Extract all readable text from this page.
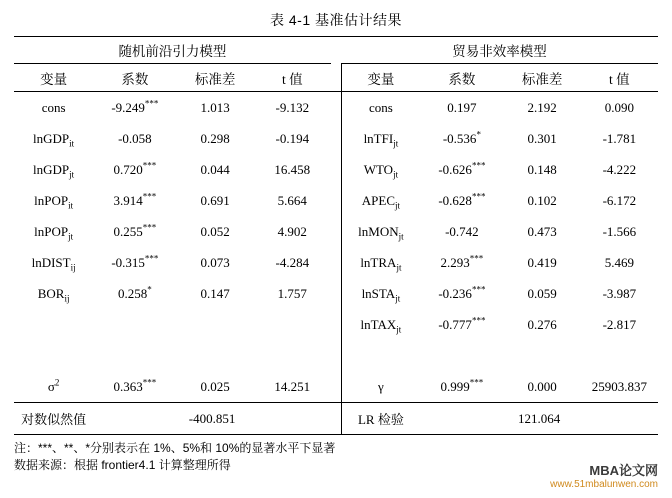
表 4-1 基准估计结果
随机前沿引力模型					贸易非效率模型			
变量	系数	标准差	t 值		变量	系数	标准差	t 值
cons	-9.249***	1.013	-9.132		cons	0.197	2.192	0.090
lnGDP$_{it}$	-0.058	0.298	-0.194		lnTFI$_{jt}$	-0.536*	0.301	-1.781
lnGDP$_{jt}$	0.720***	0.044	16.458		$WTO_{jt}$	-0.626***	0.148	-4.222
lnPOP$_{it}$	3.914***	0.691	5.664		$APEC_{jt}$	-0.628***	0.102	-6.172
lnPOP$_{jt}$	0.255***	0.052	4.902		lnMON$_{jt}$	-0.742	0.473	-1.566
lnDIST$_{ij}$	-0.315***	0.073	-4.284		lnTRA$_{jt}$	2.293***	0.419	5.469
$BOR_{ij}$	0.258*	0.147	1.757		lnSTA$_{jt}$	-0.236***	0.059	-3.987
					lnTAX$_{jt}$	-0.777***	0.276	-2.817

$\sigma^2$	0.363***	0.025	14.251		γ	0.999***	0.000	25903.837
对数似然值	-400.851				LR 检验	121.064		
注：***、**、*分别表示在 1%、5%和 10%的显著水平下显著
数据来源：根据 frontier4.1 计算整理所得	MBA论文网
www.51mbalunwen.com
